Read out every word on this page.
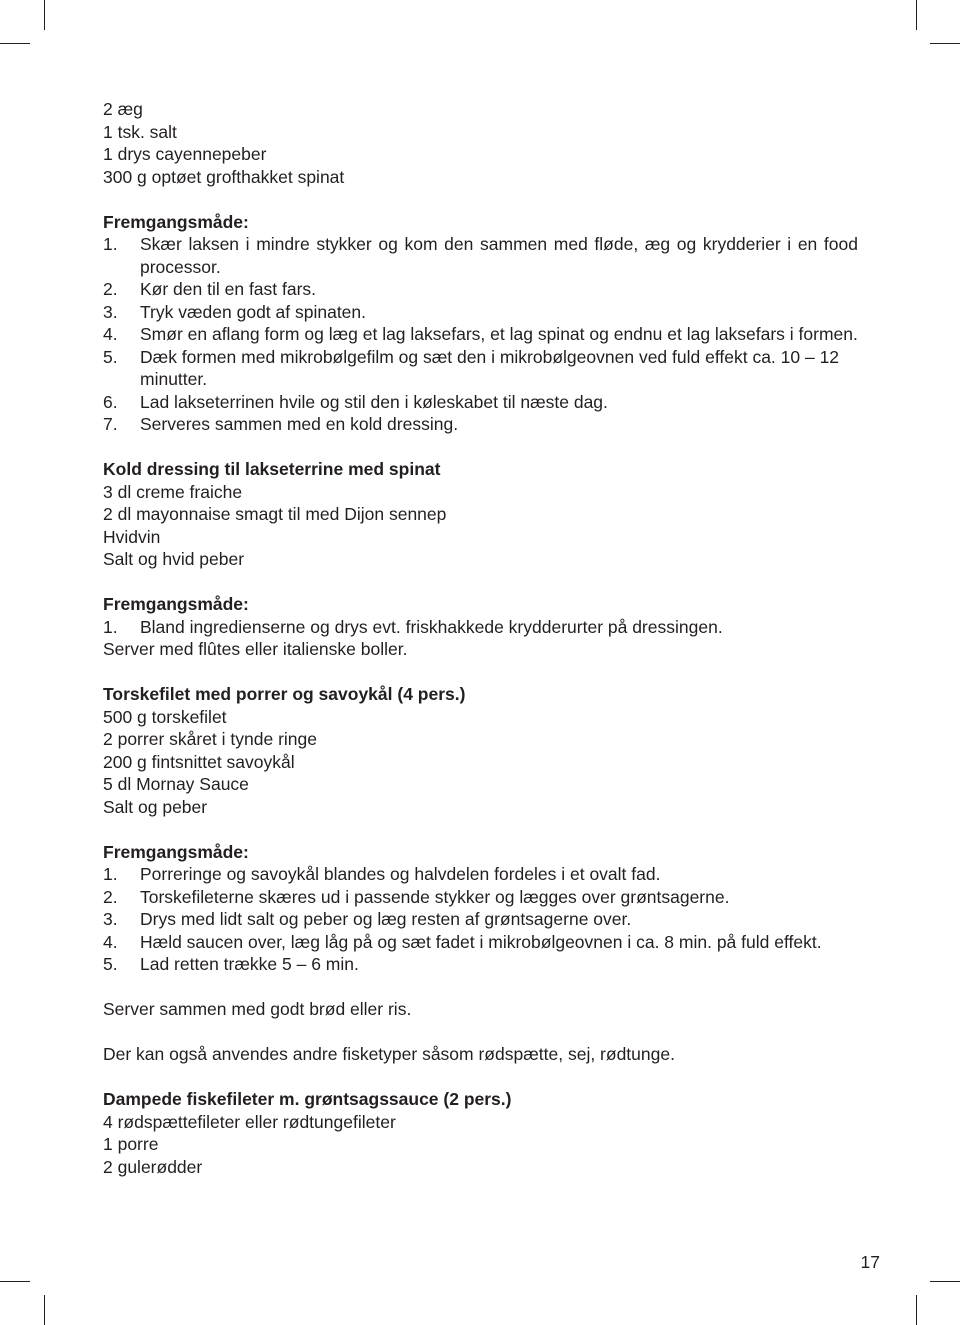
2 æg
1 tsk. salt
1 drys cayennepeber
300 g optøet grofthakket spinat
Fremgangsmåde:
1.	Skær laksen i mindre stykker og kom den sammen med fløde, æg og krydderier i en food processor.
2.	Kør den til en fast fars.
3.	Tryk væden godt af spinaten.
4.	Smør en aflang form og læg et lag laksefars, et lag spinat og endnu et lag laksefars i formen.
5.	Dæk formen med mikrobølgefilm og sæt den i mikrobølgeovnen ved fuld effekt ca. 10 – 12 minutter.
6.	Lad lakseterrinen hvile og stil den i køleskabet til næste dag.
7.	Serveres sammen med en kold dressing.
Kold dressing til lakseterrine med spinat
3 dl creme fraiche
2 dl mayonnaise smagt til med Dijon sennep
Hvidvin
Salt og hvid peber
Fremgangsmåde:
1.	Bland ingredienserne og drys evt. friskhakkede krydderurter på dressingen.
Server med flûtes eller italienske boller.
Torskefilet med porrer og savoykål (4 pers.)
500 g torskefilet
2 porrer skåret i tynde ringe
200 g fintsnittet savoykål
5 dl Mornay Sauce
Salt og peber
Fremgangsmåde:
1.	Porreringe og savoykål blandes og halvdelen fordeles i et ovalt fad.
2.	Torskefileterne skæres ud i passende stykker og lægges over grøntsagerne.
3.	Drys med lidt salt og peber og læg resten af grøntsagerne over.
4.	Hæld saucen over, læg låg på og sæt fadet i mikrobølgeovnen i ca. 8 min. på fuld effekt.
5.	Lad retten trække 5 – 6 min.
Server sammen med godt brød eller ris.
Der kan også anvendes andre fisketyper såsom rødspætte, sej, rødtunge.
Dampede fiskefileter m. grøntsagssauce (2 pers.)
4 rødspættefileter eller rødtungefileter
1 porre
2 gulerødder
17
